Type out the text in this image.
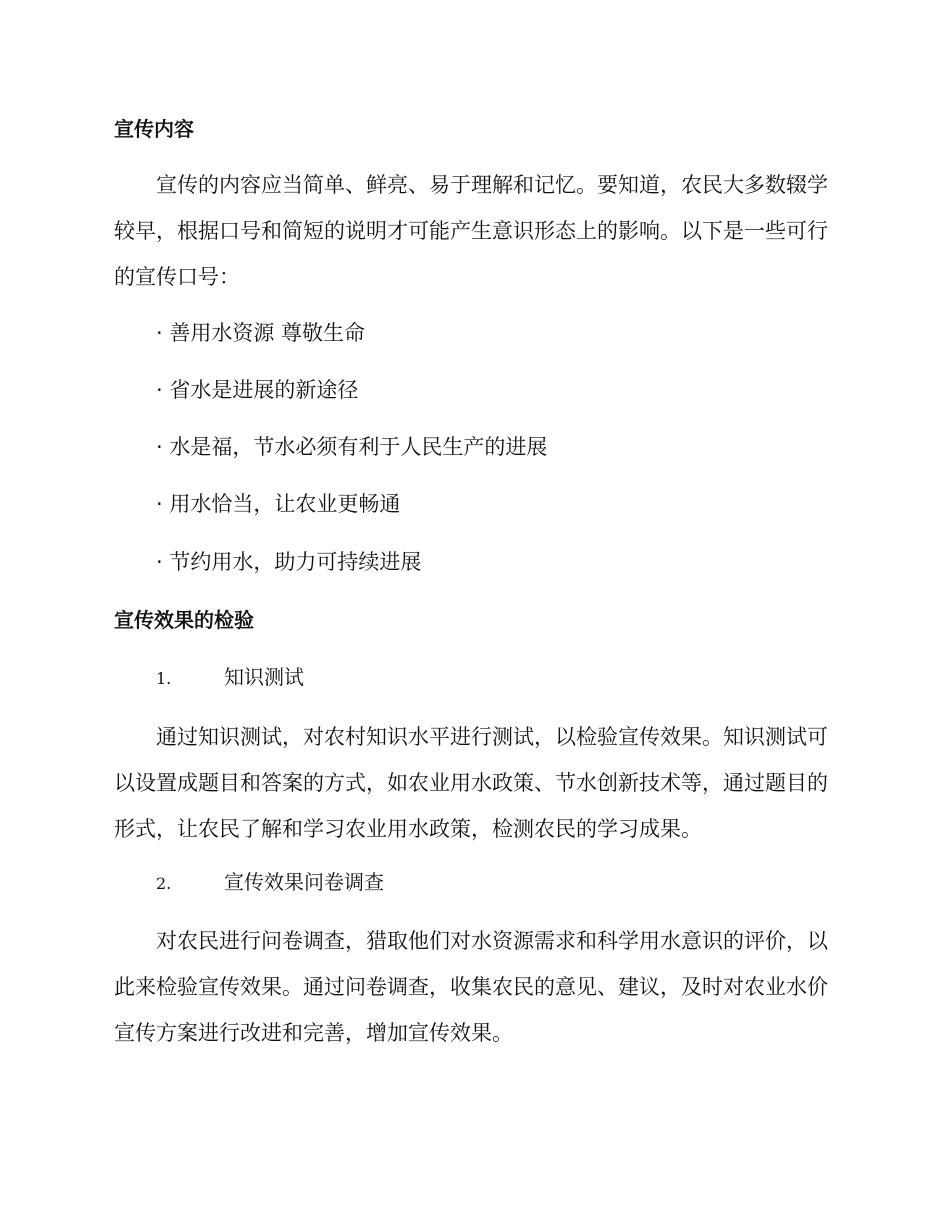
宣传内容

宣传的内容应当简单、鲜亮、易于理解和记忆。要知道，农民大多数辍学较早，根据口号和简短的说明才可能产生意识形态上的影响。以下是一些可行的宣传口号：

· 善用水资源 尊敬生命

· 省水是进展的新途径

· 水是福，节水必须有利于人民生产的进展

· 用水恰当，让农业更畅通

· 节约用水，助力可持续进展

宣传效果的检验

1.	知识测试

通过知识测试，对农村知识水平进行测试，以检验宣传效果。知识测试可以设置成题目和答案的方式，如农业用水政策、节水创新技术等，通过题目的形式，让农民了解和学习农业用水政策，检测农民的学习成果。

2.	宣传效果问卷调查

对农民进行问卷调查，猎取他们对水资源需求和科学用水意识的评价，以此来检验宣传效果。通过问卷调查，收集农民的意见、建议，及时对农业水价宣传方案进行改进和完善，增加宣传效果。
